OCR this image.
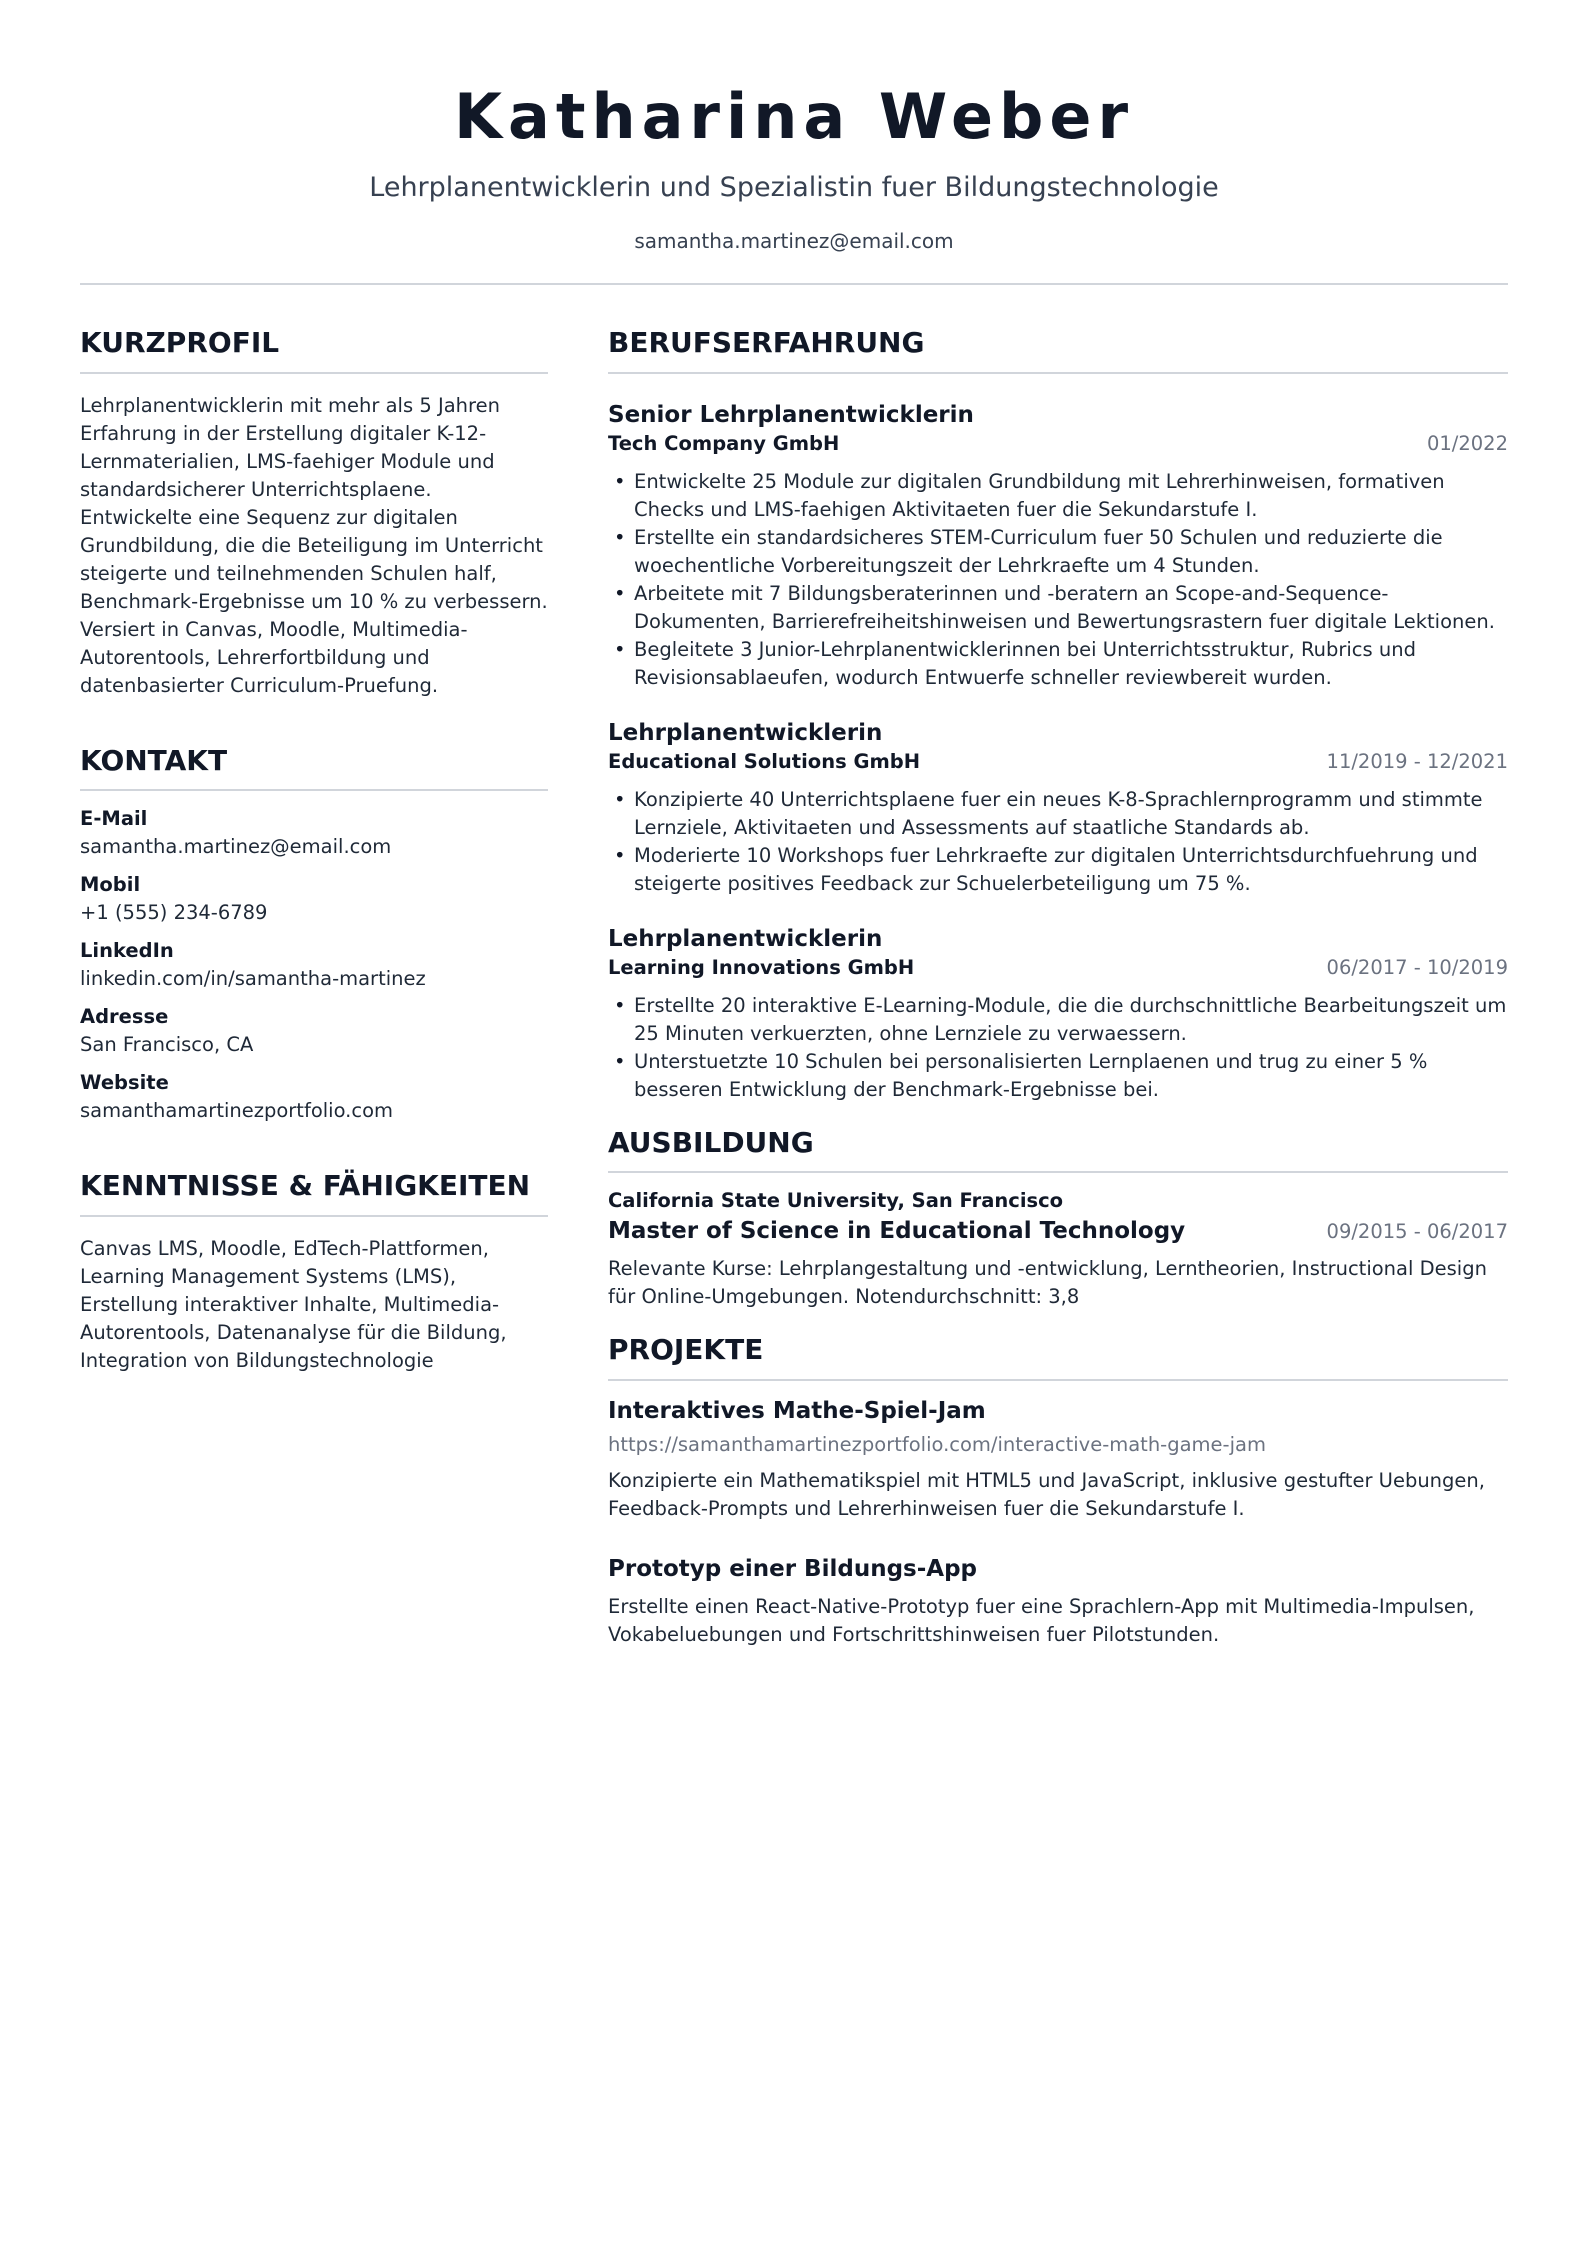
Katharina Weber
Lehrplanentwicklerin und Spezialistin fuer Bildungstechnologie
samantha.martinez@email.com
KURZPROFIL
Lehrplanentwicklerin mit mehr als 5 Jahren Erfahrung in der Erstellung digitaler K-12-Lernmaterialien, LMS-faehiger Module und standardsicherer Unterrichtsplaene. Entwickelte eine Sequenz zur digitalen Grundbildung, die die Beteiligung im Unterricht steigerte und teilnehmenden Schulen half, Benchmark-Ergebnisse um 10 % zu verbessern. Versiert in Canvas, Moodle, Multimedia-Autorentools, Lehrerfortbildung und datenbasierter Curriculum-Pruefung.
KONTAKT
E-Mail
samantha.martinez@email.com
Mobil
+1 (555) 234-6789
LinkedIn
linkedin.com/in/samantha-martinez
Adresse
San Francisco, CA
Website
samanthamartinezportfolio.com
KENNTNISSE & FÄHIGKEITEN
Canvas LMS, Moodle, EdTech-Plattformen, Learning Management Systems (LMS), Erstellung interaktiver Inhalte, Multimedia-Autorentools, Datenanalyse für die Bildung, Integration von Bildungstechnologie
BERUFSERFAHRUNG
Senior Lehrplanentwicklerin
Tech Company GmbH	01/2022
• Entwickelte 25 Module zur digitalen Grundbildung mit Lehrerhinweisen, formativen Checks und LMS-faehigen Aktivitaeten fuer die Sekundarstufe I.
• Erstellte ein standardsicheres STEM-Curriculum fuer 50 Schulen und reduzierte die woechentliche Vorbereitungszeit der Lehrkraefte um 4 Stunden.
• Arbeitete mit 7 Bildungsberaterinnen und -beratern an Scope-and-Sequence-Dokumenten, Barrierefreiheitshinweisen und Bewertungsrastern fuer digitale Lektionen.
• Begleitete 3 Junior-Lehrplanentwicklerinnen bei Unterrichtsstruktur, Rubrics und Revisionsablaeufen, wodurch Entwuerfe schneller reviewbereit wurden.
Lehrplanentwicklerin
Educational Solutions GmbH	11/2019 - 12/2021
• Konzipierte 40 Unterrichtsplaene fuer ein neues K-8-Sprachlernprogramm und stimmte Lernziele, Aktivitaeten und Assessments auf staatliche Standards ab.
• Moderierte 10 Workshops fuer Lehrkraefte zur digitalen Unterrichtsdurchfuehrung und steigerte positives Feedback zur Schuelerbeteiligung um 75 %.
Lehrplanentwicklerin
Learning Innovations GmbH	06/2017 - 10/2019
• Erstellte 20 interaktive E-Learning-Module, die die durchschnittliche Bearbeitungszeit um 25 Minuten verkuerzten, ohne Lernziele zu verwaessern.
• Unterstuetzte 10 Schulen bei personalisierten Lernplaenen und trug zu einer 5 % besseren Entwicklung der Benchmark-Ergebnisse bei.
AUSBILDUNG
California State University, San Francisco
Master of Science in Educational Technology	09/2015 - 06/2017
Relevante Kurse: Lehrplangestaltung und -entwicklung, Lerntheorien, Instructional Design für Online-Umgebungen. Notendurchschnitt: 3,8
PROJEKTE
Interaktives Mathe-Spiel-Jam
https://samanthamartinezportfolio.com/interactive-math-game-jam
Konzipierte ein Mathematikspiel mit HTML5 und JavaScript, inklusive gestufter Uebungen, Feedback-Prompts und Lehrerhinweisen fuer die Sekundarstufe I.
Prototyp einer Bildungs-App
Erstellte einen React-Native-Prototyp fuer eine Sprachlern-App mit Multimedia-Impulsen, Vokabeluebungen und Fortschrittshinweisen fuer Pilotstunden.
